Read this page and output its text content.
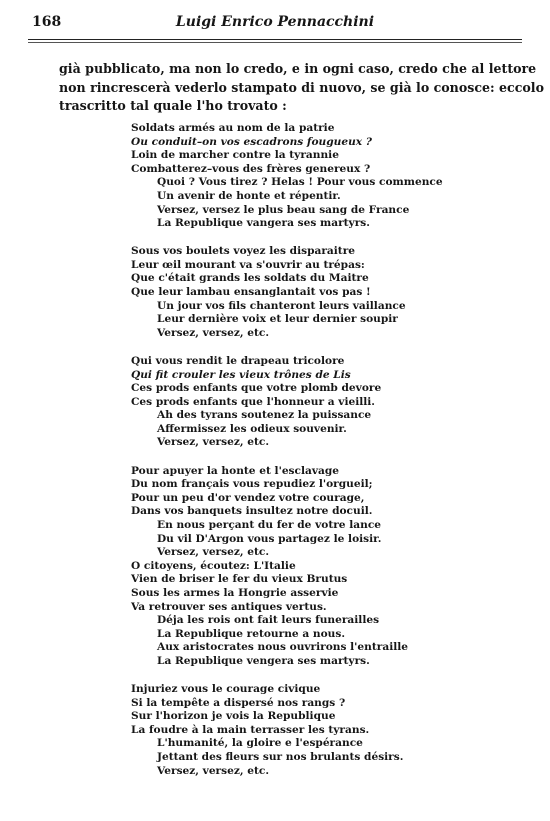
168	Luigi Enrico Pennacchini
già pubblicato, ma non lo credo, e in ogni caso, credo che al lettore
non rincrescerà vederlo stampato di nuovo, se già lo conosce: eccolo
trascritto tal quale l'ho trovato :
Soldats armés au nom de la patrie
Ou conduit–on vos escadrons fougueux ?
Loin de marcher contre la tyrannie
Combatterez–vous des frères genereux ?
Quoi ? Vous tirez ? Helas ! Pour vous commence
Un avenir de honte et répentir.
Versez, versez le plus beau sang de France
La Republique vangera ses martyrs.
Sous vos boulets voyez les disparaitre
Leur œil mourant va s'ouvrir au trépas:
Que c'était grands les soldats du Maitre
Que leur lambau ensanglantait vos pas !
Un jour vos fils chanteront leurs vaillance
Leur dernière voix et leur dernier soupir
Versez, versez, etc.
Qui vous rendit le drapeau tricolore
Qui fit crouler les vieux trônes de Lis
Ces prods enfants que votre plomb devore
Ces prods enfants que l'honneur a vieilli.
Ah des tyrans soutenez la puissance
Affermissez les odieux souvenir.
Versez, versez, etc.
Pour apuyer la honte et l'esclavage
Du nom français vous repudiez l'orgueil;
Pour un peu d'or vendez votre courage,
Dans vos banquets insultez notre docuil.
En nous perçant du fer de votre lance
Du vil D'Argon vous partagez le loisir.
Versez, versez, etc.
O citoyens, écoutez: L'Italie
Vien de briser le fer du vieux Brutus
Sous les armes la Hongrie asservie
Va retrouver ses antiques vertus.
Déja les rois ont fait leurs funerailles
La Republique retourne a nous.
Aux aristocrates nous ouvrirons l'entraille
La Republique vengera ses martyrs.
Injuriez vous le courage civique
Si la tempête a dispersé nos rangs ?
Sur l'horizon je vois la Republique
La foudre à la main terrasser les tyrans.
L'humanité, la gloire e l'espérance
Jettant des fleurs sur nos brulants désirs.
Versez, versez, etc.
